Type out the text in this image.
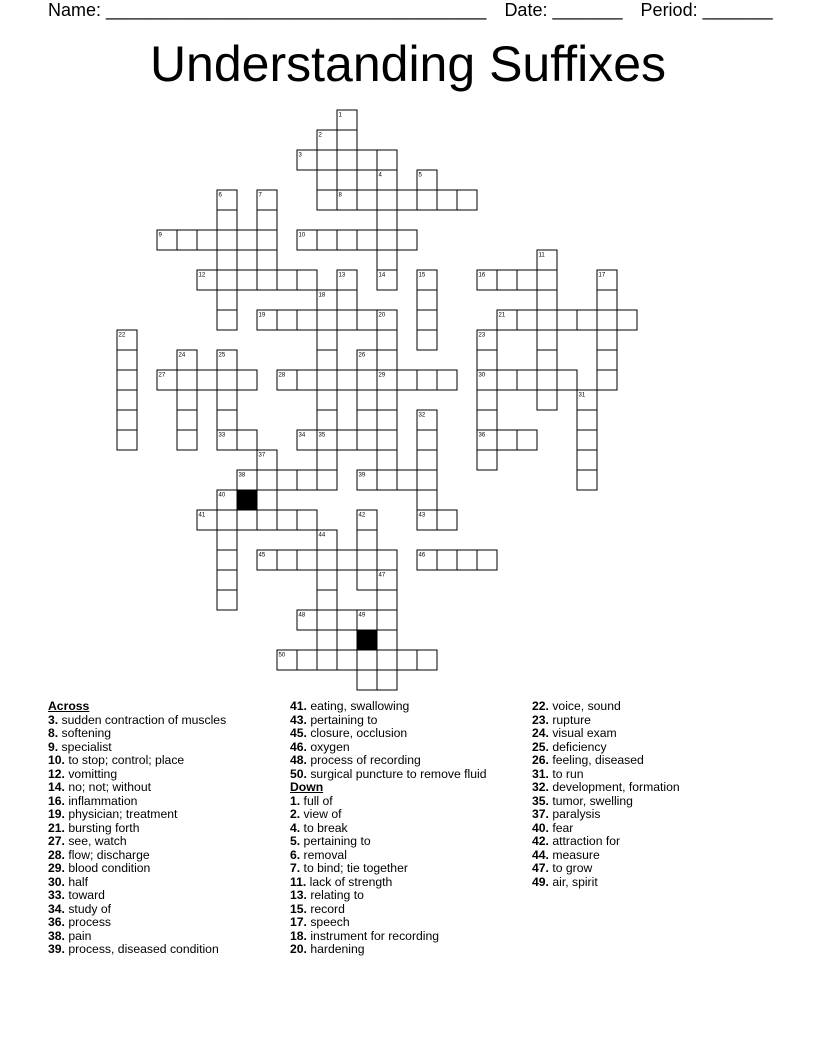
Name: ______________________________________ Date: _______ Period: _______
Understanding Suffixes
1
2
3
4	5
6	7	8
9	10
11
12	13	14	15	16	17
18
19	20	21
22	23
24	25	26
27	28	29	30
31
32
33	34 35	36
37
38	39
40
41	42	43
44
45	46
47
48	49
50
Across
3. sudden contraction of muscles
8. softening
9. specialist
10. to stop; control; place
12. vomitting
14. no; not; without
16. inflammation
19. physician; treatment
21. bursting forth
27. see, watch
28. flow; discharge
29. blood condition
30. half
33. toward
34. study of
36. process
38. pain
39. process, diseased condition
41. eating, swallowing
43. pertaining to
45. closure, occlusion
46. oxygen
48. process of recording
50. surgical puncture to remove fluid
Down
1. full of
2. view of
4. to break
5. pertaining to
6. removal
7. to bind; tie together
11. lack of strength
13. relating to
15. record
17. speech
18. instrument for recording
20. hardening
22. voice, sound
23. rupture
24. visual exam
25. deficiency
26. feeling, diseased
31. to run
32. development, formation
35. tumor, swelling
37. paralysis
40. fear
42. attraction for
44. measure
47. to grow
49. air, spirit
